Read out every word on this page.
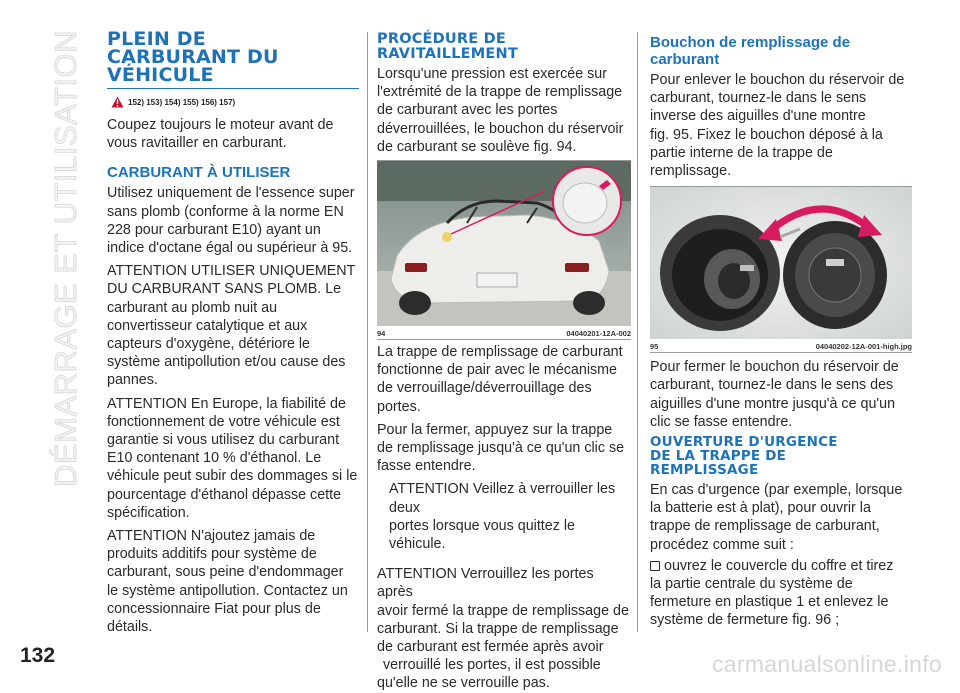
DÉMARRAGE ET UTILISATION PLEIN DE
CARBURANT DU
VÉHICULE
152) 153) 154) 155) 156) 157)
Coupez toujours le moteur avant de
vous ravitailler en carburant.
CARBURANT À UTILISER
Utilisez uniquement de l'essence super
sans plomb (conforme à la norme EN
228 pour carburant E10) ayant un
indice d'octane égal ou supérieur à 95.
ATTENTION UTILISER UNIQUEMENT
DU CARBURANT SANS PLOMB. Le
carburant au plomb nuit au
convertisseur catalytique et aux
capteurs d'oxygène, détériore le
système antipollution et/ou cause des
pannes.
ATTENTION En Europe, la fiabilité de
fonctionnement de votre véhicule est
garantie si vous utilisez du carburant
E10 contenant 10 % d'éthanol. Le
véhicule peut subir des dommages si le
pourcentage d'éthanol dépasse cette
spécification.
ATTENTION N'ajoutez jamais de
produits additifs pour système de
carburant, sous peine d'endommager
le système antipollution. Contactez un
concessionnaire Fiat pour plus de
détails.
PROCÉDURE DE
RAVITAILLEMENT
Lorsqu'une pression est exercée sur
l'extrémité de la trappe de remplissage
de carburant avec les portes
déverrouillées, le bouchon du réservoir
de carburant se soulève fig. 94.
94	04040201-12A-002
La trappe de remplissage de carburant
fonctionne de pair avec le mécanisme
de verrouillage/déverrouillage des portes.
Pour la fermer, appuyez sur la trappe
de remplissage jusqu'à ce qu'un clic se
fasse entendre.
ATTENTION Veillez à verrouiller les deux
portes lorsque vous quittez le véhicule.
ATTENTION Verrouillez les portes après
avoir fermé la trappe de remplissage de
carburant. Si la trappe de remplissage
de carburant est fermée après avoir
verrouillé les portes, il est possible
qu'elle ne se verrouille pas.
Bouchon de remplissage de
carburant
Pour enlever le bouchon du réservoir de
carburant, tournez-le dans le sens
inverse des aiguilles d'une montre
fig. 95. Fixez le bouchon déposé à la
partie interne de la trappe de
remplissage.
95	04040202-12A-001-high.jpg
Pour fermer le bouchon du réservoir de
carburant, tournez-le dans le sens des
aiguilles d'une montre jusqu'à ce qu'un
clic se fasse entendre.
OUVERTURE D'URGENCE
DE LA TRAPPE DE
REMPLISSAGE
En cas d'urgence (par exemple, lorsque
la batterie est à plat), pour ouvrir la
trappe de remplissage de carburant,
procédez comme suit :
ouvrez le couvercle du coffre et tirez
la partie centrale du système de
fermeture en plastique 1 et enlevez le
système de fermeture fig. 96 ;
132	carmanualsonline.info
